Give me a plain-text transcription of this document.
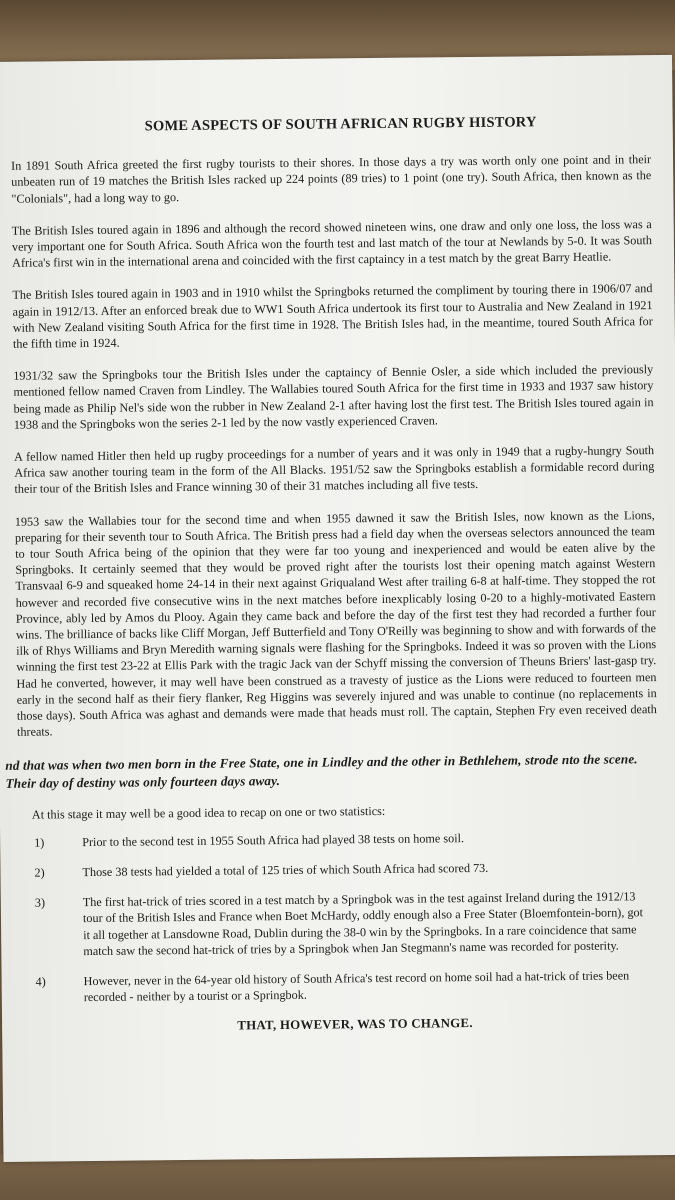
SOME ASPECTS OF SOUTH AFRICAN RUGBY HISTORY

In 1891 South Africa greeted the first rugby tourists to their shores. In those days a try was worth only one point and in their unbeaten run of 19 matches the British Isles racked up 224 points (89 tries) to 1 point (one try). South Africa, then known as the "Colonials", had a long way to go.

The British Isles toured again in 1896 and although the record showed nineteen wins, one draw and only one loss, the loss was a very important one for South Africa. South Africa won the fourth test and last match of the tour at Newlands by 5-0. It was South Africa's first win in the international arena and coincided with the first captaincy in a test match by the great Barry Heatlie.

The British Isles toured again in 1903 and in 1910 whilst the Springboks returned the compliment by touring there in 1906/07 and again in 1912/13. After an enforced break due to WW1 South Africa undertook its first tour to Australia and New Zealand in 1921 with New Zealand visiting South Africa for the first time in 1928. The British Isles had, in the meantime, toured South Africa for the fifth time in 1924.

1931/32 saw the Springboks tour the British Isles under the captaincy of Bennie Osler, a side which included the previously mentioned fellow named Craven from Lindley. The Wallabies toured South Africa for the first time in 1933 and 1937 saw history being made as Philip Nel's side won the rubber in New Zealand 2-1 after having lost the first test. The British Isles toured again in 1938 and the Springboks won the series 2-1 led by the now vastly experienced Craven.

A fellow named Hitler then held up rugby proceedings for a number of years and it was only in 1949 that a rugby-hungry South Africa saw another touring team in the form of the All Blacks. 1951/52 saw the Springboks establish a formidable record during their tour of the British Isles and France winning 30 of their 31 matches including all five tests.

1953 saw the Wallabies tour for the second time and when 1955 dawned it saw the British Isles, now known as the Lions, preparing for their seventh tour to South Africa. The British press had a field day when the overseas selectors announced the team to tour South Africa being of the opinion that they were far too young and inexperienced and would be eaten alive by the Springboks. It certainly seemed that they would be proved right after the tourists lost their opening match against Western Transvaal 6-9 and squeaked home 24-14 in their next against Griqualand West after trailing 6-8 at half-time. They stopped the rot however and recorded five consecutive wins in the next matches before inexplicably losing 0-20 to a highly-motivated Eastern Province, ably led by Amos du Plooy. Again they came back and before the day of the first test they had recorded a further four wins. The brilliance of backs like Cliff Morgan, Jeff Butterfield and Tony O'Reilly was beginning to show and with forwards of the ilk of Rhys Williams and Bryn Meredith warning signals were flashing for the Springboks. Indeed it was so proven with the Lions winning the first test 23-22 at Ellis Park with the tragic Jack van der Schyff missing the conversion of Theuns Briers' last-gasp try. Had he converted, however, it may well have been construed as a travesty of justice as the Lions were reduced to fourteen men early in the second half as their fiery flanker, Reg Higgins was severely injured and was unable to continue (no replacements in those days). South Africa was aghast and demands were made that heads must roll. The captain, Stephen Fry even received death threats.

nd that was when two men born in the Free State, one in Lindley and the other in Bethlehem, strode nto the scene. Their day of destiny was only fourteen days away.

At this stage it may well be a good idea to recap on one or two statistics:

1)	Prior to the second test in 1955 South Africa had played 38 tests on home soil.
2)	Those 38 tests had yielded a total of 125 tries of which South Africa had scored 73.
3)	The first hat-trick of tries scored in a test match by a Springbok was in the test against Ireland during the 1912/13 tour of the British Isles and France when Boet McHardy, oddly enough also a Free Stater (Bloemfontein-born), got it all together at Lansdowne Road, Dublin during the 38-0 win by the Springboks. In a rare coincidence that same match saw the second hat-trick of tries by a Springbok when Jan Stegmann's name was recorded for posterity.
4)	However, never in the 64-year old history of South Africa's test record on home soil had a hat-trick of tries been recorded - neither by a tourist or a Springbok.
THAT, HOWEVER, WAS TO CHANGE.
